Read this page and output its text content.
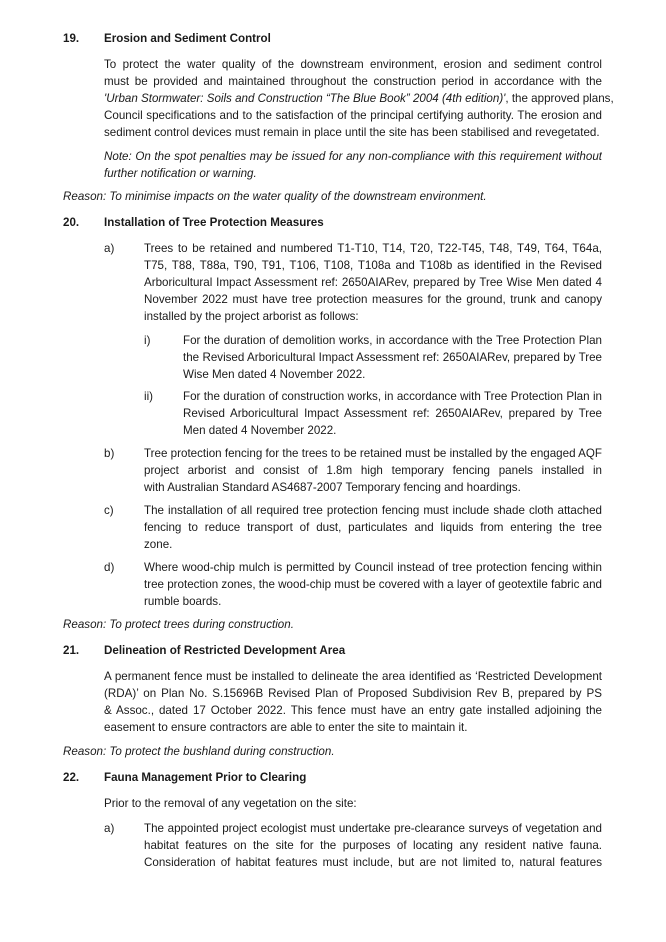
19. Erosion and Sediment Control
To protect the water quality of the downstream environment, erosion and sediment control
must be provided and maintained throughout the construction period in accordance with the
'Urban Stormwater: Soils and Construction “The Blue Book” 2004 (4th edition)', the approved plans,
Council specifications and to the satisfaction of the principal certifying authority. The erosion and
sediment control devices must remain in place until the site has been stabilised and revegetated.
Note: On the spot penalties may be issued for any non-compliance with this requirement without
further notification or warning.
Reason: To minimise impacts on the water quality of the downstream environment.
20. Installation of Tree Protection Measures
a)	Trees to be retained and numbered T1-T10, T14, T20, T22-T45, T48, T49, T64, T64a,
T75, T88, T88a, T90, T91, T106, T108, T108a and T108b as identified in the Revised
Arboricultural Impact Assessment ref: 2650AIARev, prepared by Tree Wise Men dated 4
November 2022 must have tree protection measures for the ground, trunk and canopy
installed by the project arborist as follows:
i)	For the duration of demolition works, in accordance with the Tree Protection Plan
the Revised Arboricultural Impact Assessment ref: 2650AIARev, prepared by Tree
Wise Men dated 4 November 2022.
ii)	For the duration of construction works, in accordance with Tree Protection Plan in
Revised Arboricultural Impact Assessment ref: 2650AIARev, prepared by Tree
Men dated 4 November 2022.
b)	Tree protection fencing for the trees to be retained must be installed by the engaged AQF
project arborist and consist of 1.8m high temporary fencing panels installed in
with Australian Standard AS4687-2007 Temporary fencing and hoardings.
c)	The installation of all required tree protection fencing must include shade cloth attached
fencing to reduce transport of dust, particulates and liquids from entering the tree
zone.
d)	Where wood-chip mulch is permitted by Council instead of tree protection fencing within
tree protection zones, the wood-chip must be covered with a layer of geotextile fabric and
rumble boards.
Reason: To protect trees during construction.
21. Delineation of Restricted Development Area
A permanent fence must be installed to delineate the area identified as ‘Restricted Development
(RDA)’ on Plan No. S.15696B Revised Plan of Proposed Subdivision Rev B, prepared by PS
& Assoc., dated 17 October 2022. This fence must have an entry gate installed adjoining the
easement to ensure contractors are able to enter the site to maintain it.
Reason: To protect the bushland during construction.
22. Fauna Management Prior to Clearing
Prior to the removal of any vegetation on the site:
a)	The appointed project ecologist must undertake pre-clearance surveys of vegetation and
habitat features on the site for the purposes of locating any resident native fauna.
Consideration of habitat features must include, but are not limited to, natural features
